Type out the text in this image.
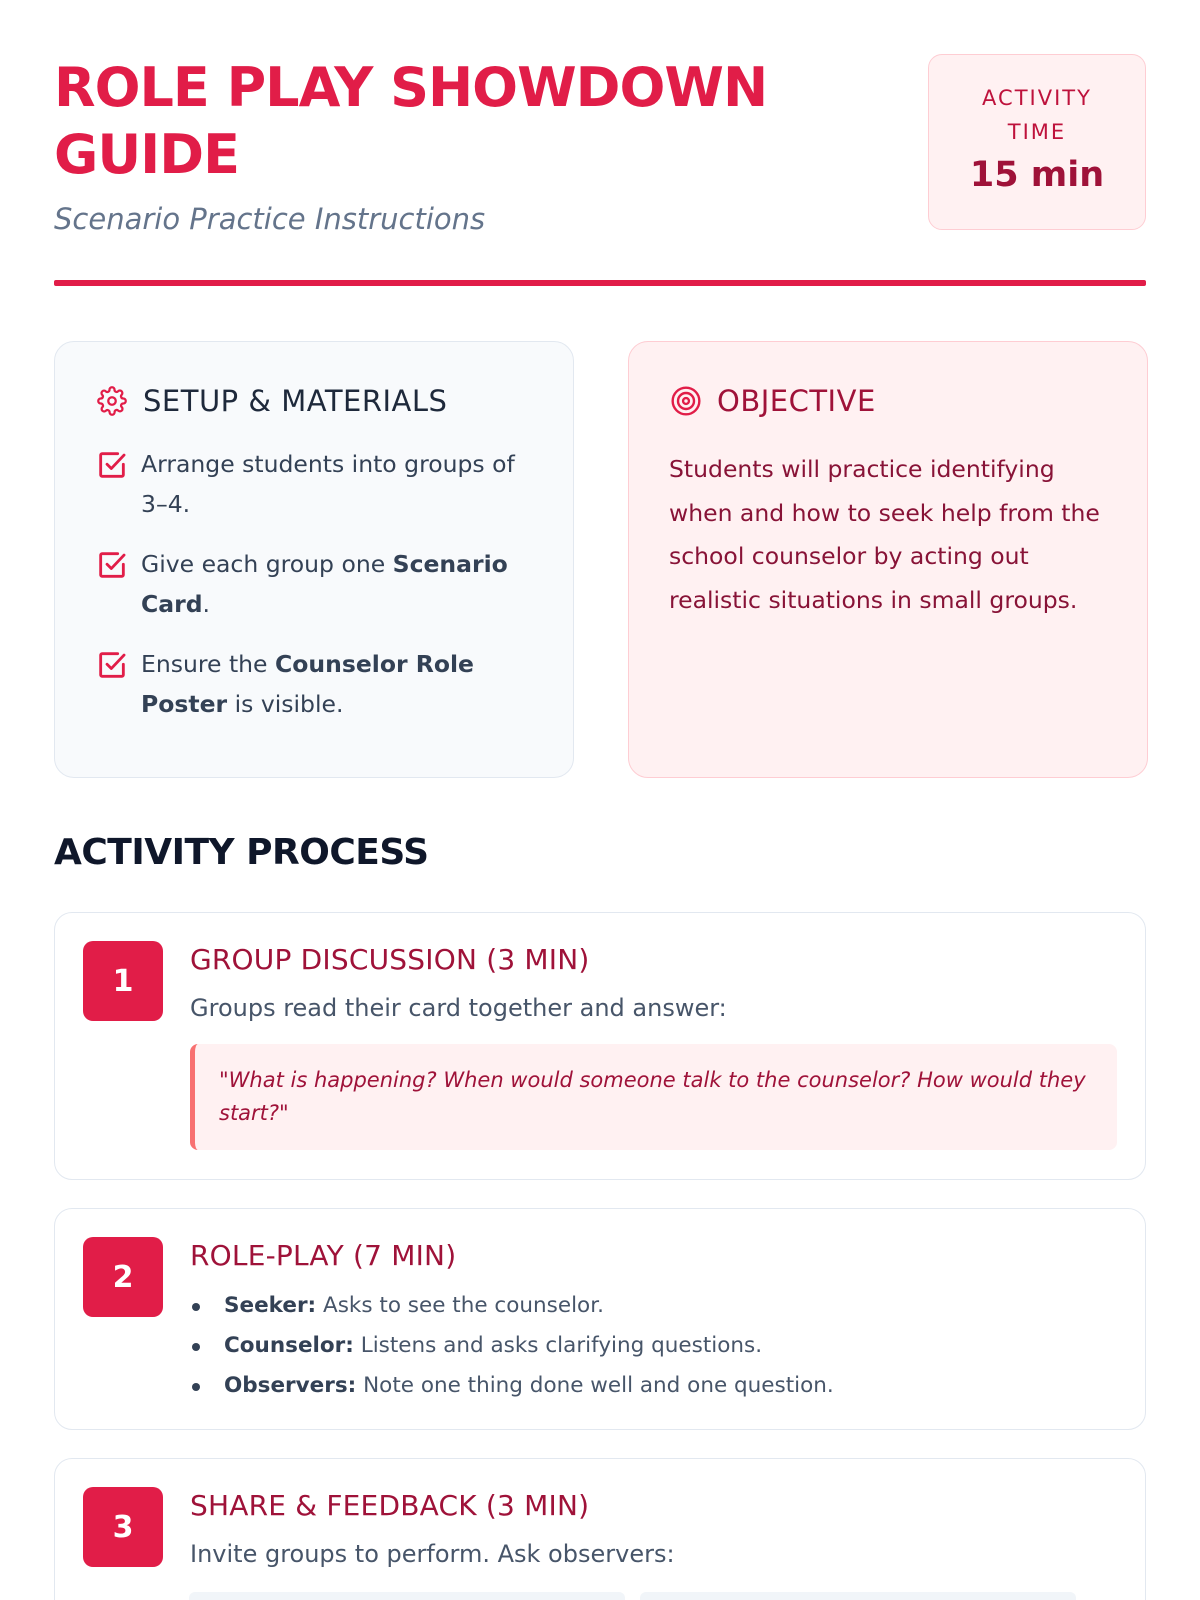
ROLE PLAY SHOWDOWN GUIDE
Scenario Practice Instructions
ACTIVITY TIME
15 min
SETUP & MATERIALS
Arrange students into groups of 3–4.
Give each group one Scenario Card.
Ensure the Counselor Role Poster is visible.
OBJECTIVE

Students will practice identifying when and how to seek help from the school counselor by acting out realistic situations in small groups.

ACTIVITY PROCESS
1
GROUP DISCUSSION (3 MIN)
Groups read their card together and answer:
"What is happening? When would someone talk to the counselor? How would they start?"
2
ROLE-PLAY (7 MIN)
Seeker: Asks to see the counselor.
Counselor: Listens and asks clarifying questions.
Observers: Note one thing done well and one question.
3
SHARE & FEEDBACK (3 MIN)
Invite groups to perform. Ask observers:
